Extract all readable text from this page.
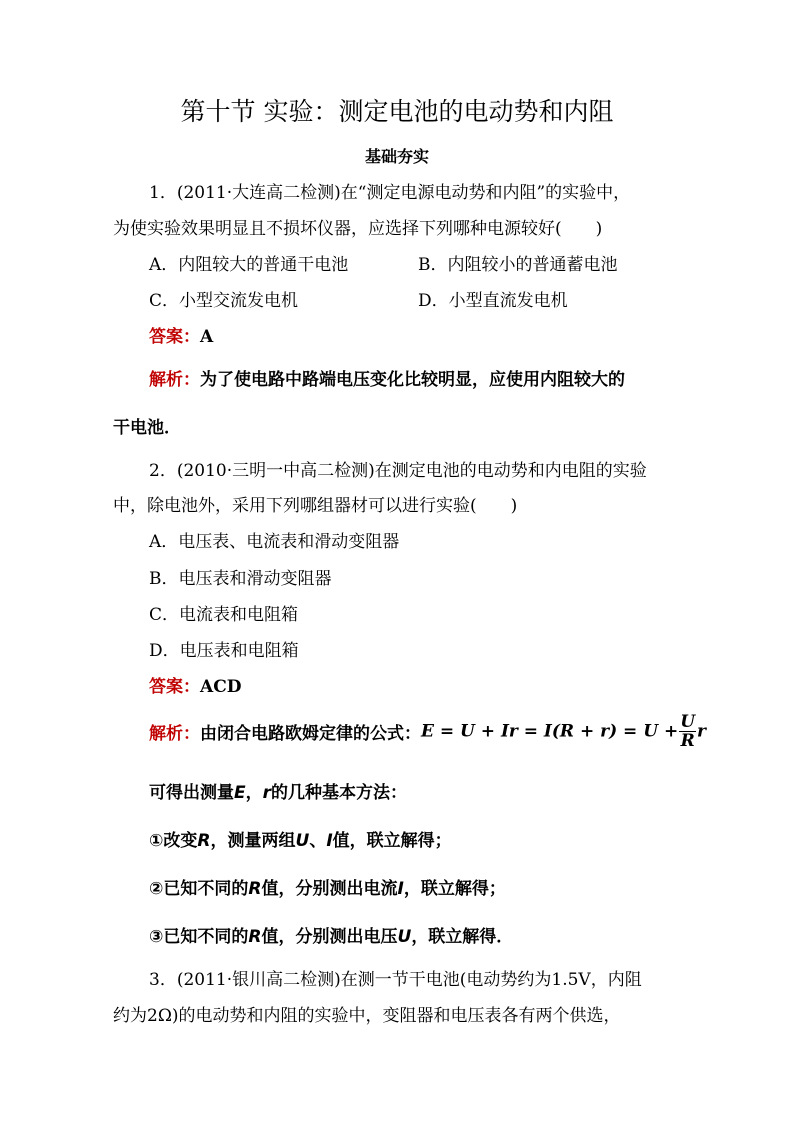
第十节 实验：测定电池的电动势和内阻
基础夯实
1．(2011·大连高二检测)在“测定电源电动势和内阻”的实验中，
为使实验效果明显且不损坏仪器，应选择下列哪种电源较好( )
A．内阻较大的普通干电池	B．内阻较小的普通蓄电池
C．小型交流发电机	D．小型直流发电机
答案：A
解析：为了使电路中路端电压变化比较明显，应使用内阻较大的
干电池．
2．(2010·三明一中高二检测)在测定电池的电动势和内电阻的实验
中，除电池外，采用下列哪组器材可以进行实验( )
A．电压表、电流表和滑动变阻器
B．电压表和滑动变阻器
C．电流表和电阻箱
D．电压表和电阻箱
答案：ACD
解析：由闭合电路欧姆定律的公式：$E = U + Ir = I(R + r) = U + \frac{U}{R}$ r
可得出测量E，r的几种基本方法：
①改变R，测量两组U、I值，联立解得；
②已知不同的R值，分别测出电流I，联立解得；
③已知不同的R值，分别测出电压U，联立解得．
3．(2011·银川高二检测)在测一节干电池(电动势约为1.5V，内阻
约为2Ω)的电动势和内阻的实验中，变阻器和电压表各有两个供选，
